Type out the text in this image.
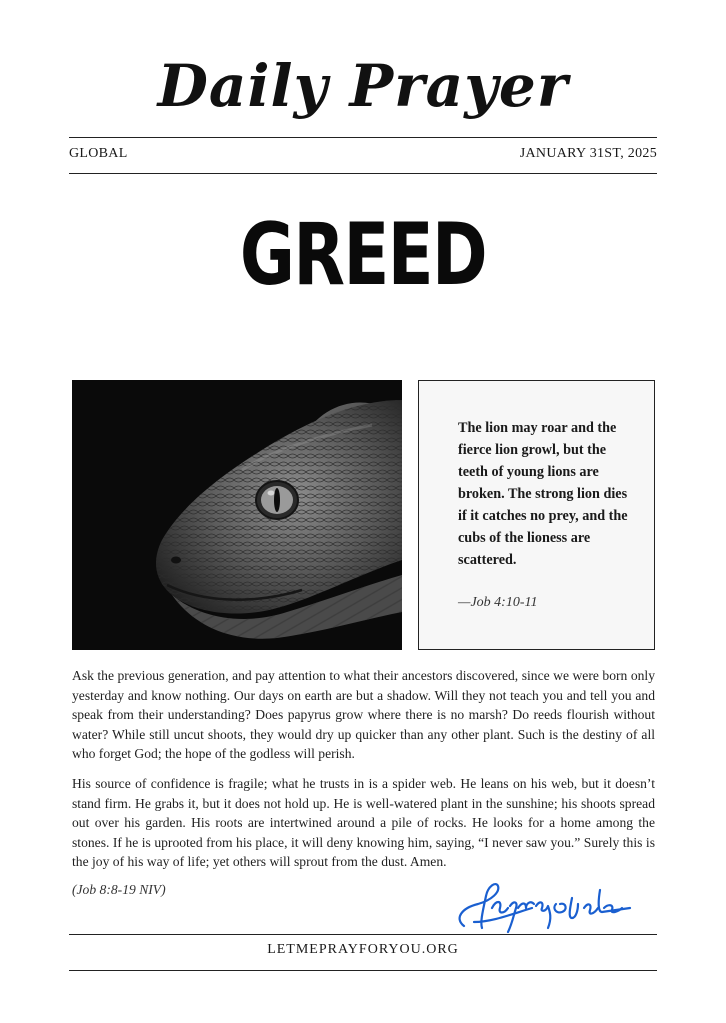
Daily Prayer
GLOBAL	JANUARY 31ST, 2025
GREED
The lion may roar and the fierce lion growl, but the teeth of young lions are broken. The strong lion dies if it catches no prey, and the cubs of the lioness are scattered.
—Job 4:10-11

Ask the previous generation, and pay attention to what their ancestors discovered, since we were born only yesterday and know nothing. Our days on earth are but a shadow. Will they not teach you and tell you and speak from their understanding? Does papyrus grow where there is no marsh? Do reeds flourish without water? While still uncut shoots, they would dry up quicker than any other plant. Such is the destiny of all who forget God; the hope of the godless will perish.

His source of confidence is fragile; what he trusts in is a spider web. He leans on his web, but it doesn’t stand firm. He grabs it, but it does not hold up. He is well-watered plant in the sunshine; his shoots spread out over his garden. His roots are intertwined around a pile of rocks. He looks for a home among the stones. If he is uprooted from his place, it will deny knowing him, saying, “I never saw you.” Surely this is the joy of his way of life; yet others will sprout from the dust. Amen.

(Job 8:8-19 NIV)
LETMEPRAYFORYOU.ORG
